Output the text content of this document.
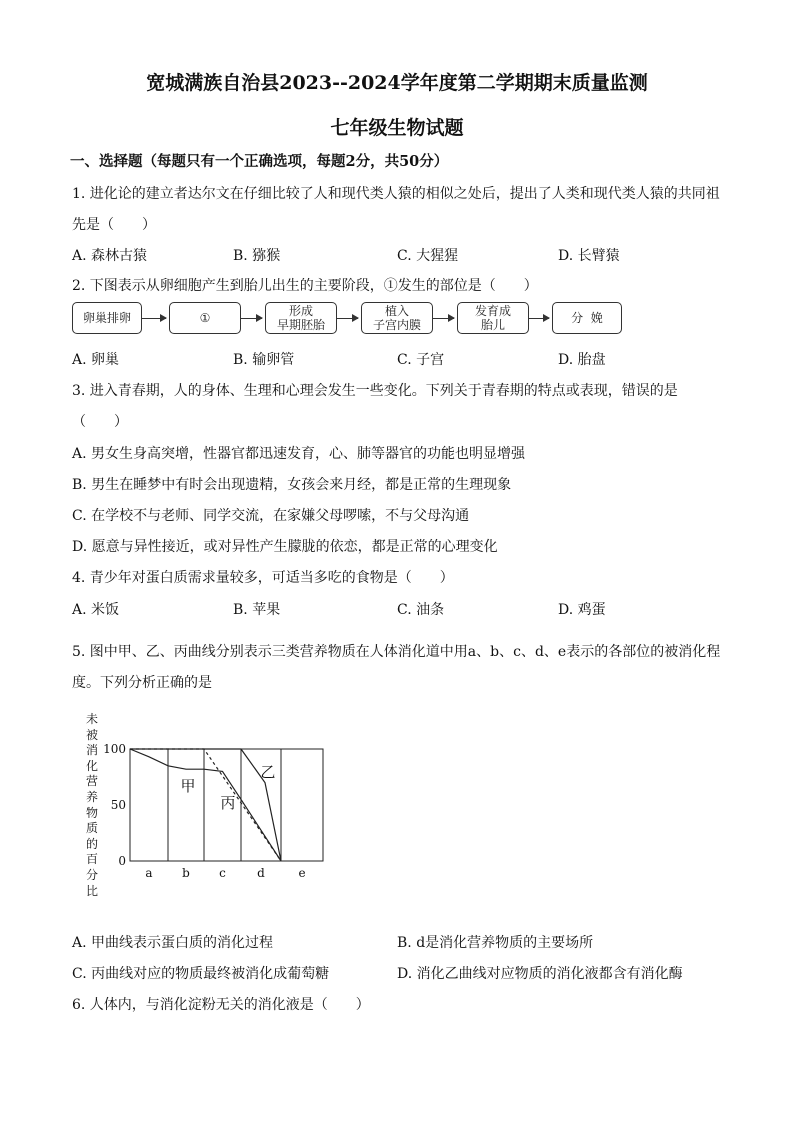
宽城满族自治县2023--2024学年度第二学期期末质量监测
七年级生物试题
一、选择题（每题只有一个正确选项，每题2分，共50分）
1. 进化论的建立者达尔文在仔细比较了人和现代类人猿的相似之处后，提出了人类和现代类人猿的共同祖
先是（　　）
A. 森林古猿	B. 猕猴	C. 大猩猩	D. 长臂猿
2. 下图表示从卵细胞产生到胎儿出生的主要阶段，①发生的部位是（　　）
卵巢排卵	①	形成
早期胚胎
植入
子宫内膜
发育成
胎儿	分  娩
A. 卵巢	B. 输卵管	C. 子宫	D. 胎盘
3. 进入青春期，人的身体、生理和心理会发生一些变化。下列关于青春期的特点或表现，错误的是
（　　）
A. 男女生身高突增，性器官都迅速发育，心、肺等器官的功能也明显增强
B. 男生在睡梦中有时会出现遗精，女孩会来月经，都是正常的生理现象
C. 在学校不与老师、同学交流，在家嫌父母啰嗦，不与父母沟通
D. 愿意与异性接近，或对异性产生朦胧的依恋，都是正常的心理变化
4. 青少年对蛋白质需求量较多，可适当多吃的食物是（　　）
A. 米饭	B. 苹果	C. 油条	D. 鸡蛋
5. 图中甲、乙、丙曲线分别表示三类营养物质在人体消化道中用a、b、c、d、e表示的各部位的被消化程
度。下列分析正确的是
未被消化营养物质的百分比
100
50
0
a b c	d	e
甲
乙
丙
A. 甲曲线表示蛋白质的消化过程	B. d是消化营养物质的主要场所
C. 丙曲线对应的物质最终被消化成葡萄糖	D. 消化乙曲线对应物质的消化液都含有消化酶
6. 人体内，与消化淀粉无关的消化液是（　　）
